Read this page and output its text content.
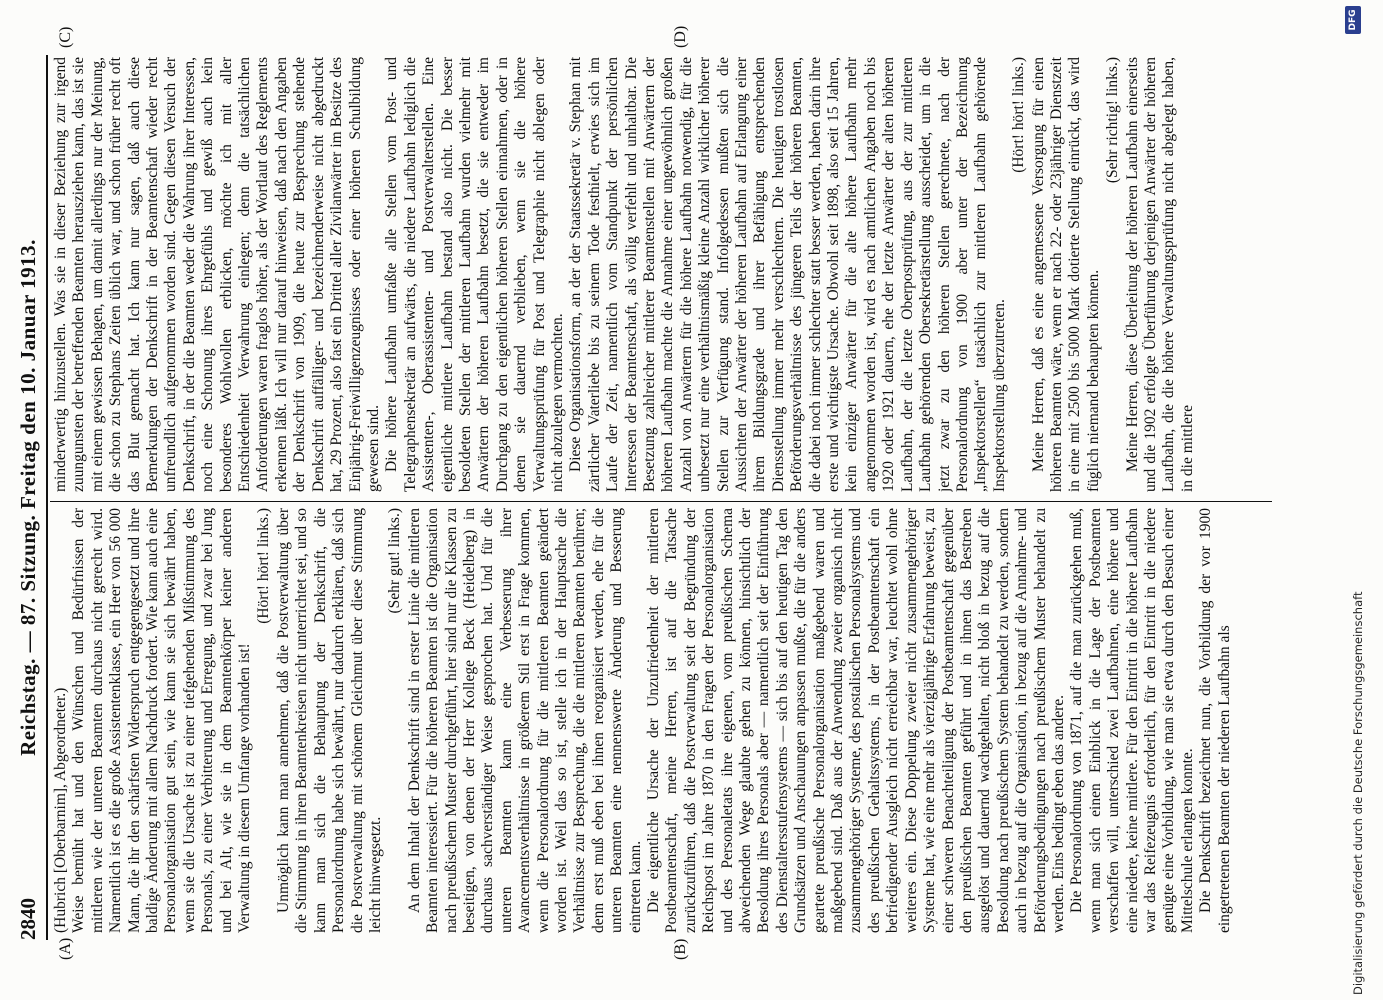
2840
Reichstag. — 87. Sitzung. Freitag den 10. Januar 1913.
(A)	(B)
(C)	(D)

(Hubrich [Oberbarnim], Abgeordneter.) Weise bemüht hat und den Wünschen und Bedürfnissen der mittleren wie der unteren Beamten durchaus nicht gerecht wird. Namentlich ist es die große Assistentenklasse, ein Heer von 56 000 Mann, die ihr den schärfsten Widerspruch entgegengesetzt und ihre baldige Änderung mit allem Nachdruck fordert. Wie kann auch eine Personalorganisation gut sein, wie kann sie sich bewährt haben, wenn sie die Ursache ist zu einer tiefgehenden Mißstimmung des Personals, zu einer Verbitterung und Erregung, und zwar bei Jung und bei Alt, wie sie in dem Beamtenkörper keiner anderen Verwaltung in diesem Umfange vorhanden ist!

(Hört! hört! links.) Unmöglich kann man annehmen, daß die Postverwaltung über die Stimmung in ihren Beamtenkreisen nicht unterrichtet sei, und so kann man sich die Behauptung der Denkschrift, die Personalordnung habe sich bewährt, nur dadurch erklären, daß sich die Postverwaltung mit schönem Gleichmut über diese Stimmung leicht hinwegsetzt.

(Sehr gut! links.) An dem Inhalt der Denkschrift sind in erster Linie die mittleren Beamten interessiert. Für die höheren Beamten ist die Organisation nach preußischem Muster durchgeführt, hier sind nur die Klassen zu beseitigen, von denen der Herr Kollege Beck (Heidelberg) in durchaus sachverständiger Weise gesprochen hat. Und für die unteren Beamten kann eine Verbesserung ihrer Avancementsverhältnisse in größerem Stil erst in Frage kommen, wenn die Personalordnung für die mittleren Beamten geändert worden ist. Weil das so ist, stelle ich in der Hauptsache die Verhältnisse zur Besprechung, die die mittleren Beamten berühren; denn erst muß eben bei ihnen reorganisiert werden, ehe für die unteren Beamten eine nennenswerte Änderung und Besserung eintreten kann. Die eigentliche Ursache der Unzufriedenheit der mittleren Postbeamtenschaft, meine Herren, ist auf die Tatsache zurückzuführen, daß die Postverwaltung seit der Begründung der Reichspost im Jahre 1870 in den Fragen der Personalorganisation und des Personaletats ihre eigenen, vom preußischen Schema abweichenden Wege glaubte gehen zu können, hinsichtlich der Besoldung ihres Personals aber — namentlich seit der Einführung des Dienstaltersstufensystems — sich bis auf den heutigen Tag den Grundsätzen und Anschauungen anpassen mußte, die für die anders geartete preußische Personalorganisation maßgebend waren und maßgebend sind. Daß aus der Anwendung zweier organisch nicht zusammengehöriger Systeme, des postalischen Personalsystems und des preußischen Gehaltssystems, in der Postbeamtenschaft ein befriedigender Ausgleich nicht erreichbar war, leuchtet wohl ohne weiteres ein. Diese Doppelung zweier nicht zusammengehöriger Systeme hat, wie eine mehr als vierzigjährige Erfahrung beweist, zu einer schweren Benachteiligung der Postbeamtenschaft gegenüber den preußischen Beamten geführt und in ihnen das Bestreben ausgelöst und dauernd wachgehalten, nicht bloß in bezug auf die Besoldung nach preußischem System behandelt zu werden, sondern auch in bezug auf die Organisation, in bezug auf die Annahme- und Beförderungsbedingungen nach preußischem Muster behandelt zu werden. Eins bedingt eben das andere. Die Personalordnung von 1871, auf die man zurückgehen muß, wenn man sich einen Einblick in die Lage der Postbeamten verschaffen will, unterschied zwei Laufbahnen, eine höhere und eine niedere, keine mittlere. Für den Eintritt in die höhere Laufbahn war das Reifezeugnis erforderlich, für den Eintritt in die niedere genügte eine Vorbildung, wie man sie etwa durch den Besuch einer Mittelschule erlangen konnte. Die Denkschrift bezeichnet nun, die Vorbildung der vor 1900 eingetretenen Beamten der niederen Laufbahn als

minderwertig hinzustellen. Was sie in dieser Beziehung zur irgend zuungunsten der betreffenden Beamten herausziehen kann, das ist sie mit einem gewissen Behagen, um damit allerdings nur der Meinung, die schon zu Stephans Zeiten üblich war, und schon früher recht oft das Blut gemacht hat. Ich kann nur sagen, daß auch diese Bemerkungen der Denkschrift in der Beamtenschaft wieder recht unfreundlich aufgenommen worden sind. Gegen diesen Versuch der Denkschrift, in der die Beamten weder die Wahrung ihrer Interessen, noch eine Schonung ihres Ehrgefühls und gewiß auch kein besonderes Wohlwollen erblicken, möchte ich mit aller Entschiedenheit Verwahrung einlegen; denn die tatsächlichen Anforderungen waren fraglos höher, als der Wortlaut des Reglements erkennen läßt. Ich will nur darauf hinweisen, daß nach den Angaben der Denkschrift von 1909, die heute zur Besprechung stehende Denkschrift auffälliger- und bezeichnenderweise nicht abgedruckt hat, 29 Prozent, also fast ein Drittel aller Zivilanwärter im Besitze des Einjährig-Freiwilligenzeugnisses oder einer höheren Schulbildung gewesen sind. Die höhere Laufbahn umfaßte alle Stellen vom Post- und Telegraphensekretär an aufwärts, die niedere Laufbahn lediglich die Assistenten-, Oberassistenten- und Postverwalterstellen. Eine eigentliche mittlere Laufbahn bestand also nicht. Die besser besoldeten Stellen der mittleren Laufbahn wurden vielmehr mit Anwärtern der höheren Laufbahn besetzt, die sie entweder im Durchgang zu den eigentlichen höheren Stellen einnahmen, oder in denen sie dauernd verblieben, wenn sie die höhere Verwaltungsprüfung für Post und Telegraphie nicht ablegen oder nicht abzulegen vermochten. Diese Organisationsform, an der der Staatssekretär v. Stephan mit zärtlicher Vaterliebe bis zu seinem Tode festhielt, erwies sich im Laufe der Zeit, namentlich vom Standpunkt der persönlichen Interessen der Beamtenschaft, als völlig verfehlt und unhaltbar. Die Besetzung zahlreicher mittlerer Beamtenstellen mit Anwärtern der höheren Laufbahn machte die Annahme einer ungewöhnlich großen Anzahl von Anwärtern für die höhere Laufbahn notwendig, für die unbesetzt nur eine verhältnismäßig kleine Anzahl wirklicher höherer Stellen zur Verfügung stand. Infolgedessen mußten sich die Aussichten der Anwärter der höheren Laufbahn auf Erlangung einer ihrem Bildungsgrade und ihrer Befähigung entsprechenden Diensstellung immer mehr verschlechtern. Die heutigen trostlosen Beförderungsverhältnisse des jüngeren Teils der höheren Beamten, die dabei noch immer schlechter statt besser werden, haben darin ihre erste und wichtigste Ursache. Obwohl seit 1898, also seit 15 Jahren, kein einziger Anwärter für die alte höhere Laufbahn mehr angenommen worden ist, wird es nach amtlichen Angaben noch bis 1920 oder 1921 dauern, ehe der letzte Anwärter der alten höheren Laufbahn, der die letzte Oberpostprüfung, aus der zur mittleren Laufbahn gehörenden Obersekretärstellung ausscheidet, um in die jetzt zwar zu den höheren Stellen gerechnete, nach der Personalordnung von 1900 aber unter der Bezeichnung „Inspektorstellen“ tatsächlich zur mittleren Laufbahn gehörende Inspektorstellung überzutreten.

(Hört! hört! links.) Meine Herren, daß es eine angemessene Versorgung für einen höheren Beamten wäre, wenn er nach 22- oder 23jähriger Dienstzeit in eine mit 2500 bis 5000 Mark dotierte Stellung einrückt, das wird füglich niemand behaupten können.

(Sehr richtig! links.) Meine Herren, diese Überleitung der höheren Laufbahn einerseits und die 1902 erfolgte Überführung derjenigen Anwärter der höheren Laufbahn, die die höhere Verwaltungsprüfung nicht abgelegt haben, in die mittlere

Digitalisierung gefördert durch die Deutsche Forschungsgemeinschaft
DFG
